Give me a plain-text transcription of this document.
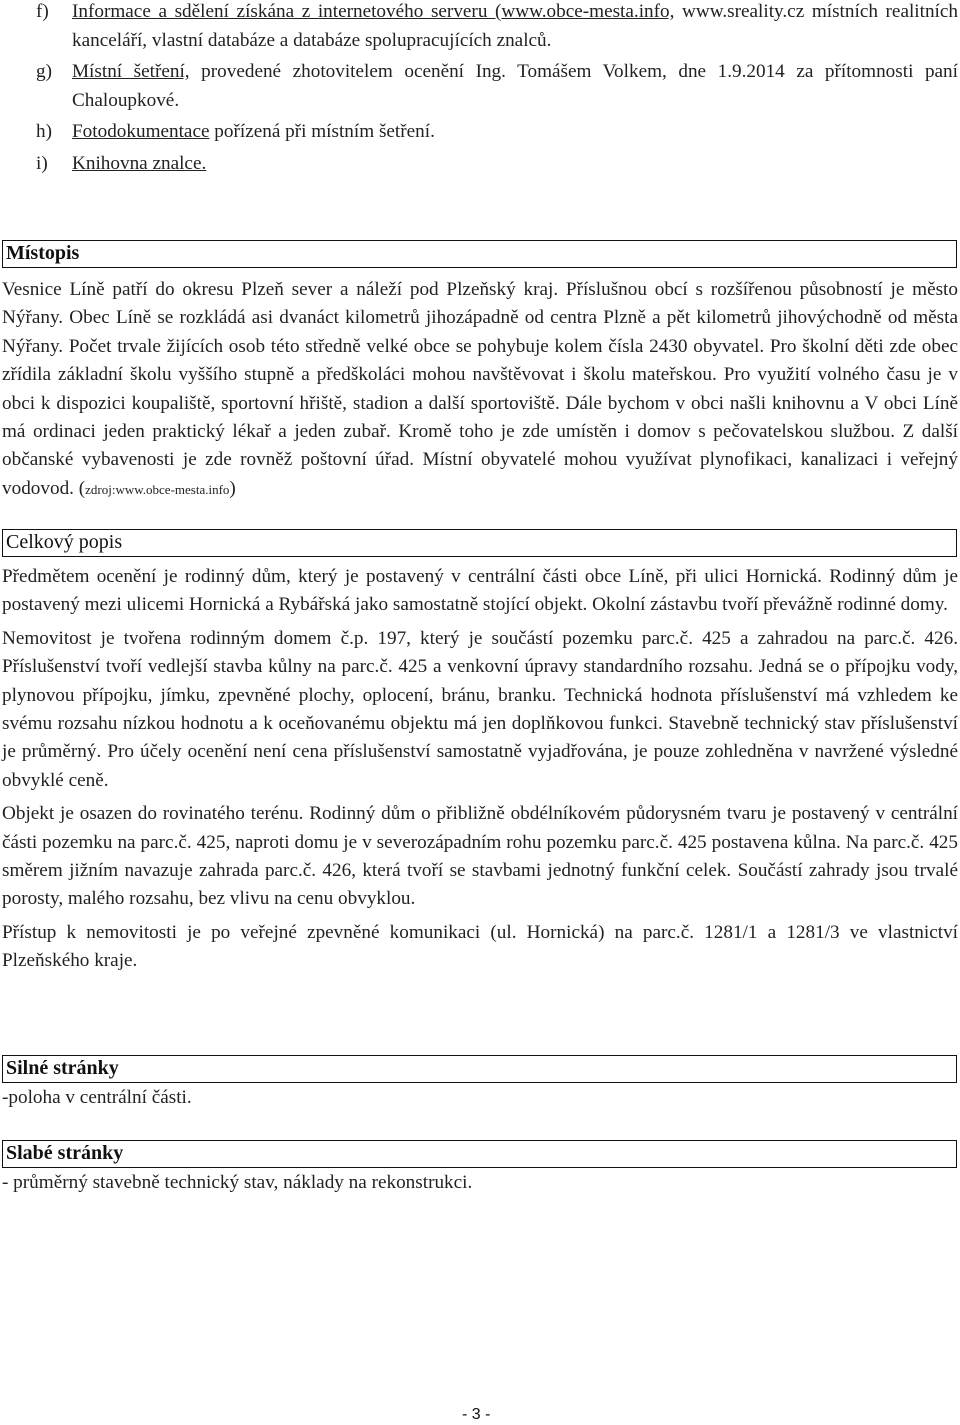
f)	Informace a sdělení získána z internetového serveru (www.obce-mesta.info, www.sreality.cz místních realitních kanceláří, vlastní databáze a databáze spolupracujících znalců.
g)	Místní šetření, provedené zhotovitelem ocenění Ing. Tomášem Volkem, dne 1.9.2014 za přítomnosti paní Chaloupkové.
h)	Fotodokumentace pořízená při místním šetření.
i)	Knihovna znalce.
Místopis

Vesnice Líně patří do okresu Plzeň sever a náleží pod Plzeňský kraj. Příslušnou obcí s rozšířenou působností je město Nýřany. Obec Líně se rozkládá asi dvanáct kilometrů jihozápadně od centra Plzně a pět kilometrů jihovýchodně od města Nýřany. Počet trvale žijících osob této středně velké obce se pohybuje kolem čísla 2430 obyvatel. Pro školní děti zde obec zřídila základní školu vyššího stupně a předškoláci mohou navštěvovat i školu mateřskou. Pro využití volného času je v obci k dispozici koupaliště, sportovní hřiště, stadion a další sportoviště. Dále bychom v obci našli knihovnu a V obci Líně má ordinaci jeden praktický lékař a jeden zubař. Kromě toho je zde umístěn i domov s pečovatelskou službou. Z další občanské vybavenosti je zde rovněž poštovní úřad. Místní obyvatelé mohou využívat plynofikaci, kanalizaci i veřejný vodovod. (zdroj:www.obce-mesta.info)

Celkový popis

Předmětem ocenění je rodinný dům, který je postavený v centrální části obce Líně, při ulici Hornická. Rodinný dům je postavený mezi ulicemi Hornická a Rybářská jako samostatně stojící objekt. Okolní zástavbu tvoří převážně rodinné domy.

Nemovitost je tvořena rodinným domem č.p. 197, který je součástí pozemku parc.č. 425 a zahradou na parc.č. 426. Příslušenství tvoří vedlejší stavba kůlny na parc.č. 425 a venkovní úpravy standardního rozsahu. Jedná se o přípojku vody, plynovou přípojku, jímku, zpevněné plochy, oplocení, bránu, branku. Technická hodnota příslušenství má vzhledem ke svému rozsahu nízkou hodnotu a k oceňovanému objektu má jen doplňkovou funkci. Stavebně technický stav příslušenství je průměrný. Pro účely ocenění není cena příslušenství samostatně vyjadřována, je pouze zohledněna v navržené výsledné obvyklé ceně.

Objekt je osazen do rovinatého terénu. Rodinný dům o přibližně obdélníkovém půdorysném tvaru je postavený v centrální části pozemku na parc.č. 425, naproti domu je v severozápadním rohu pozemku parc.č. 425 postavena kůlna. Na parc.č. 425 směrem jižním navazuje zahrada parc.č. 426, která tvoří se stavbami jednotný funkční celek. Součástí zahrady jsou trvalé porosty, malého rozsahu, bez vlivu na cenu obvyklou.

Přístup k nemovitosti je po veřejné zpevněné komunikaci (ul. Hornická) na parc.č. 1281/1 a 1281/3 ve vlastnictví Plzeňského kraje.

Silné stránky
-poloha v centrální části.
Slabé stránky
- průměrný stavebně technický stav, náklady na rekonstrukci.
- 3 -
